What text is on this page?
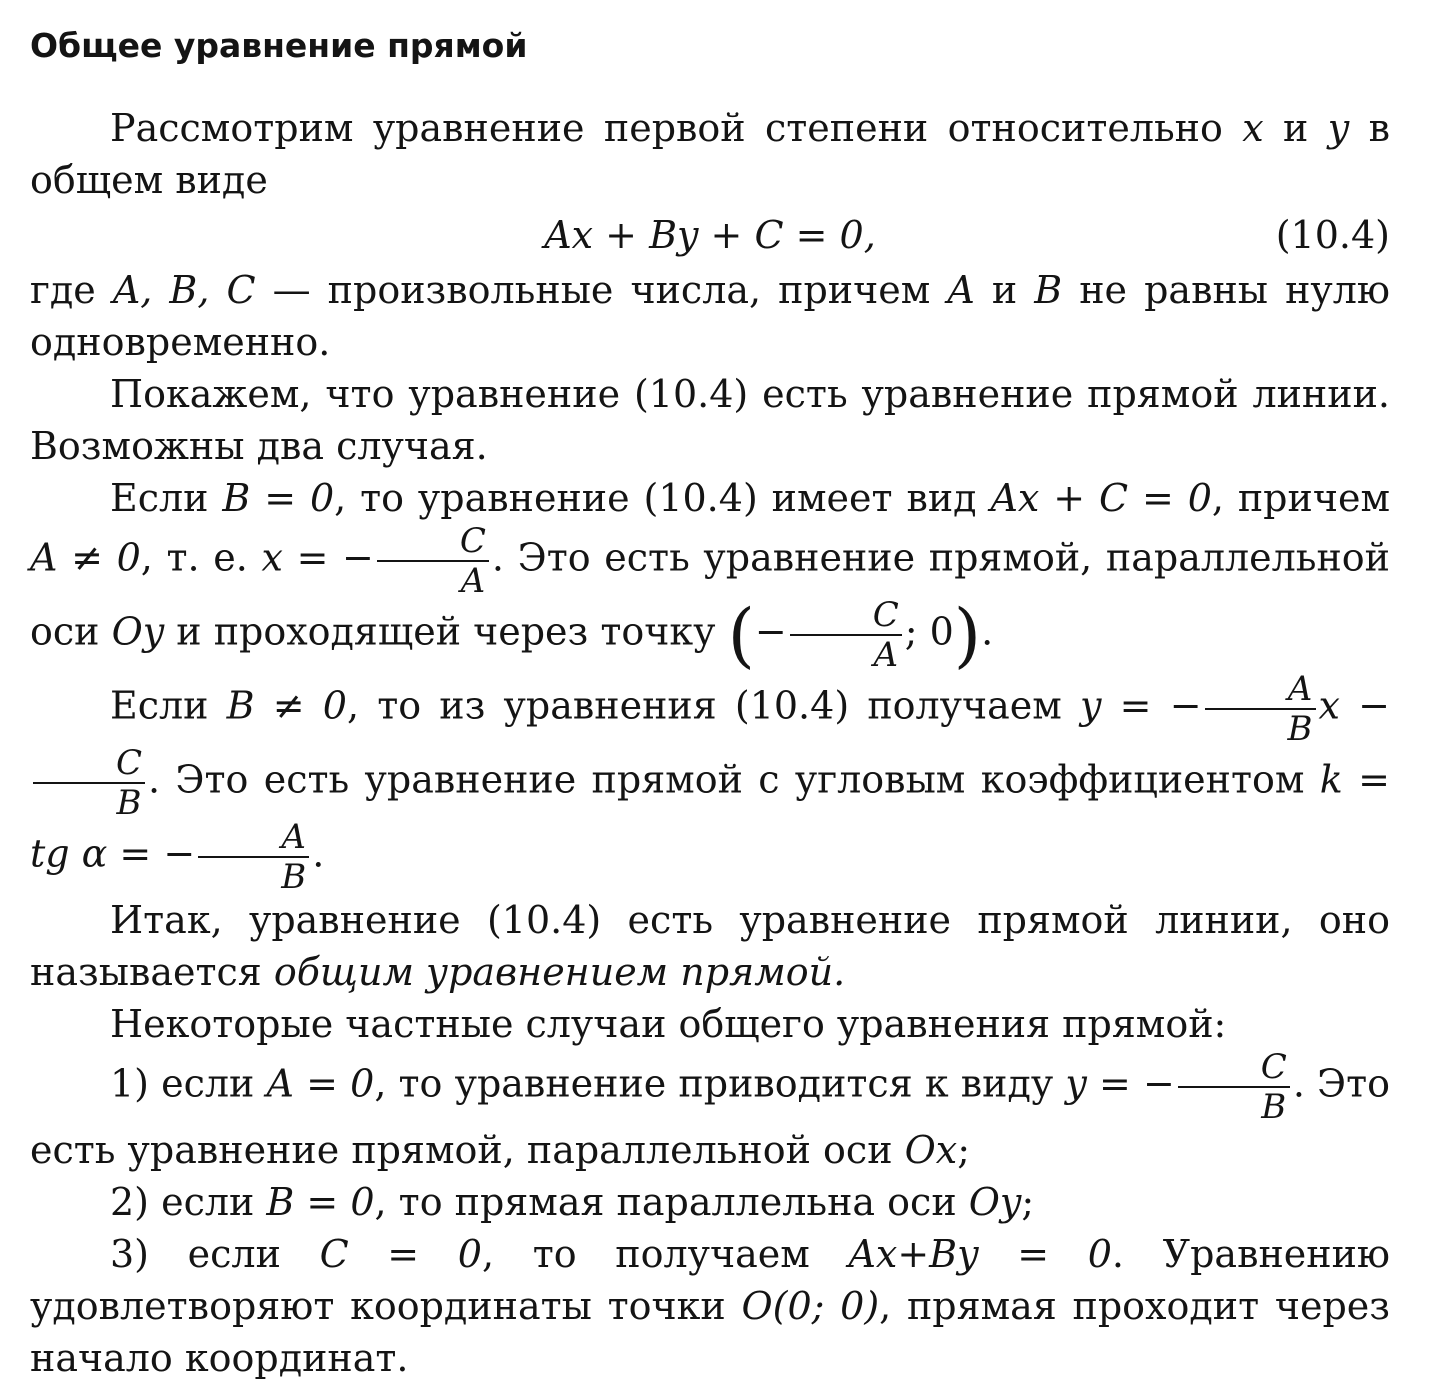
Общее уравнение прямой

Рассмотрим уравнение первой степени относительно x и y в общем виде

Ax + By + C = 0,	(10.4)

где A, B, C — произвольные числа, причем A и B не равны нулю одновременно.

Покажем, что уравнение (10.4) есть уравнение прямой линии. Возможны два случая.

Если B = 0, то уравнение (10.4) имеет вид Ax + C = 0, причем A ≠ 0, т. е. x = − $\frac{C}{A}$ . Это есть уравнение прямой, параллельной оси Oy и проходящей через точку (− $\frac{C}{A}$ ; 0).

Если B ≠ 0, то из уравнения (10.4) получаем y = − $\frac{A}{B}$ x −
$\frac{C}{B}$ . Это есть уравнение прямой с угловым коэффициентом k = tg α = − $\frac{A}{B}$ .

Итак, уравнение (10.4) есть уравнение прямой линии, оно называется общим уравнением прямой.

Некоторые частные случаи общего уравнения прямой:

1) если A = 0, то уравнение приводится к виду y = − $\frac{C}{B}$ . Это есть уравнение прямой, параллельной оси Ox;

2) если B = 0, то прямая параллельна оси Oy;

3) если C = 0, то получаем Ax+By = 0. Уравнению удовлетворяют координаты точки O(0; 0), прямая проходит через начало координат.
